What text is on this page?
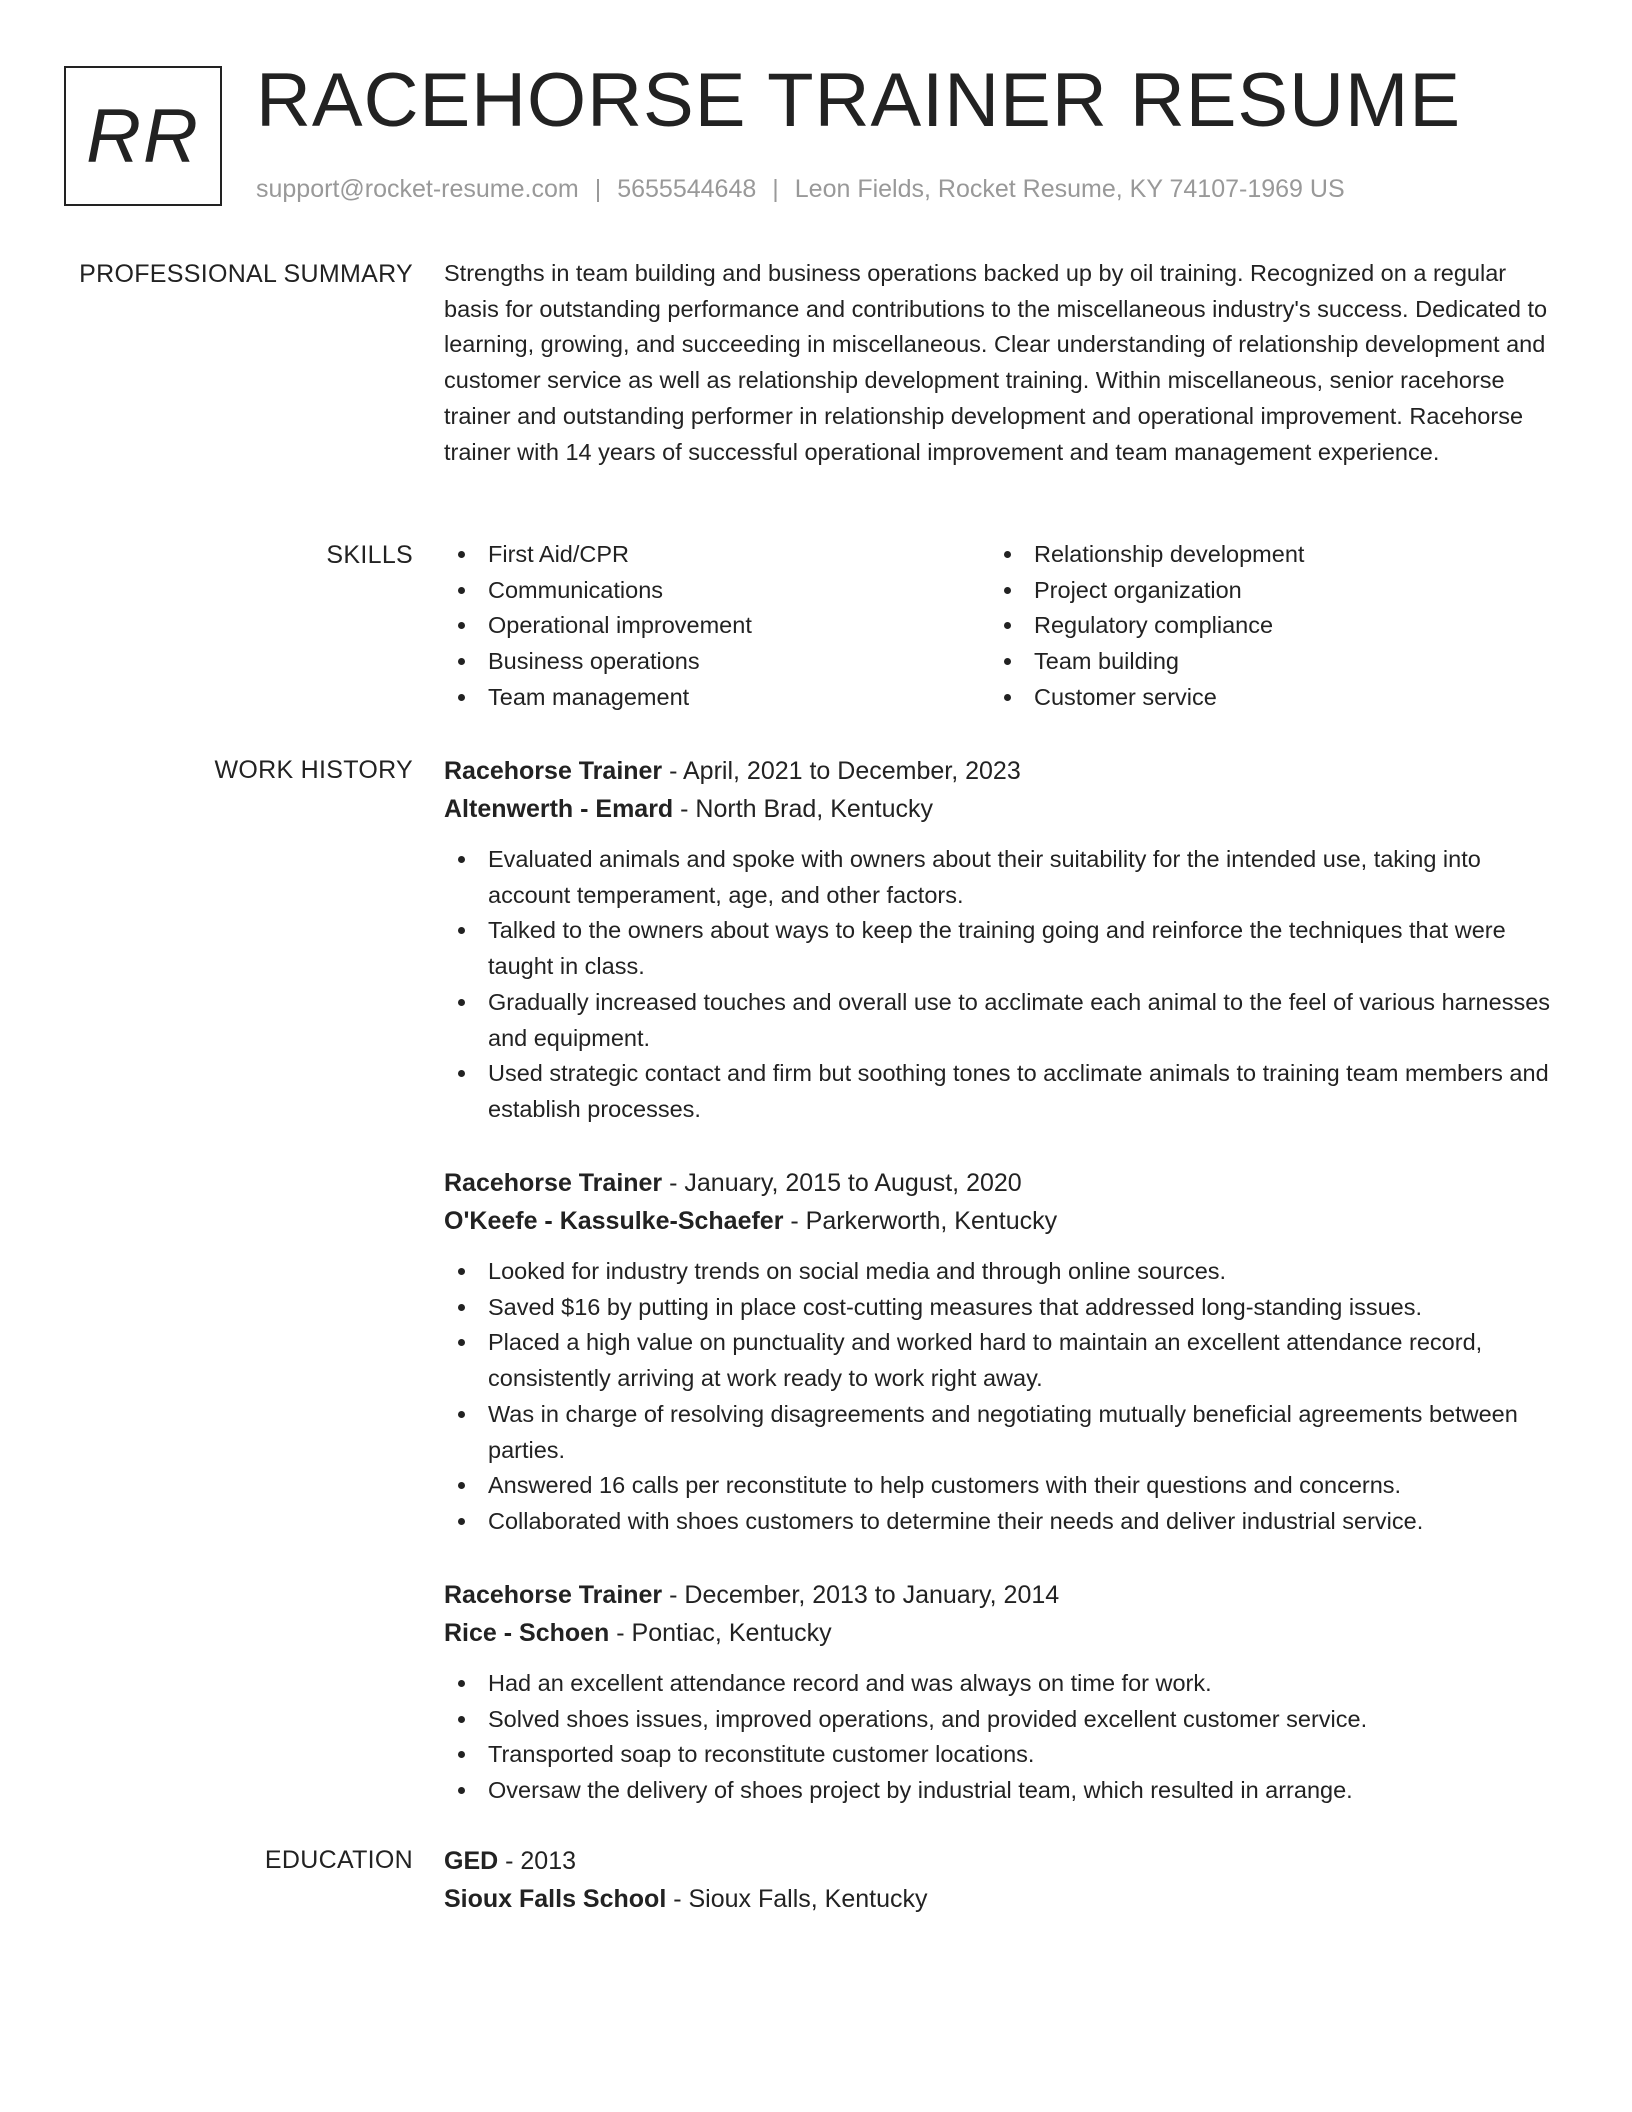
RR RACEHORSE TRAINER RESUME
support@rocket-resume.com | 5655544648 | Leon Fields, Rocket Resume, KY 74107-1969 US
PROFESSIONAL SUMMARY Strengths in team building and business operations backed up by oil training. Recognized on a regular basis for outstanding performance and contributions to the miscellaneous industry's success. Dedicated to learning, growing, and succeeding in miscellaneous. Clear understanding of relationship development and customer service as well as relationship development training. Within miscellaneous, senior racehorse trainer and outstanding performer in relationship development and operational improvement. Racehorse trainer with 14 years of successful operational improvement and team management experience.

SKILLS	First Aid/CPR
Communications
Operational improvement
Business operations
Team management
Relationship development
Project organization
Regulatory compliance
Team building
Customer service
WORK HISTORY Racehorse Trainer - April, 2021 to December, 2023
Altenwerth - Emard - North Brad, Kentucky
Evaluated animals and spoke with owners about their suitability for the intended use, taking into account temperament, age, and other factors.
Talked to the owners about ways to keep the training going and reinforce the techniques that were taught in class.
Gradually increased touches and overall use to acclimate each animal to the feel of various harnesses and equipment.
Used strategic contact and firm but soothing tones to acclimate animals to training team members and establish processes.
Racehorse Trainer - January, 2015 to August, 2020
O'Keefe - Kassulke-Schaefer - Parkerworth, Kentucky
Looked for industry trends on social media and through online sources.
Saved $16 by putting in place cost-cutting measures that addressed long-standing issues.
Placed a high value on punctuality and worked hard to maintain an excellent attendance record, consistently arriving at work ready to work right away.
Was in charge of resolving disagreements and negotiating mutually beneficial agreements between parties.
Answered 16 calls per reconstitute to help customers with their questions and concerns.
Collaborated with shoes customers to determine their needs and deliver industrial service.
Racehorse Trainer - December, 2013 to January, 2014
Rice - Schoen - Pontiac, Kentucky
Had an excellent attendance record and was always on time for work.
Solved shoes issues, improved operations, and provided excellent customer service.
Transported soap to reconstitute customer locations.
Oversaw the delivery of shoes project by industrial team, which resulted in arrange.
EDUCATION GED - 2013
Sioux Falls School - Sioux Falls, Kentucky
